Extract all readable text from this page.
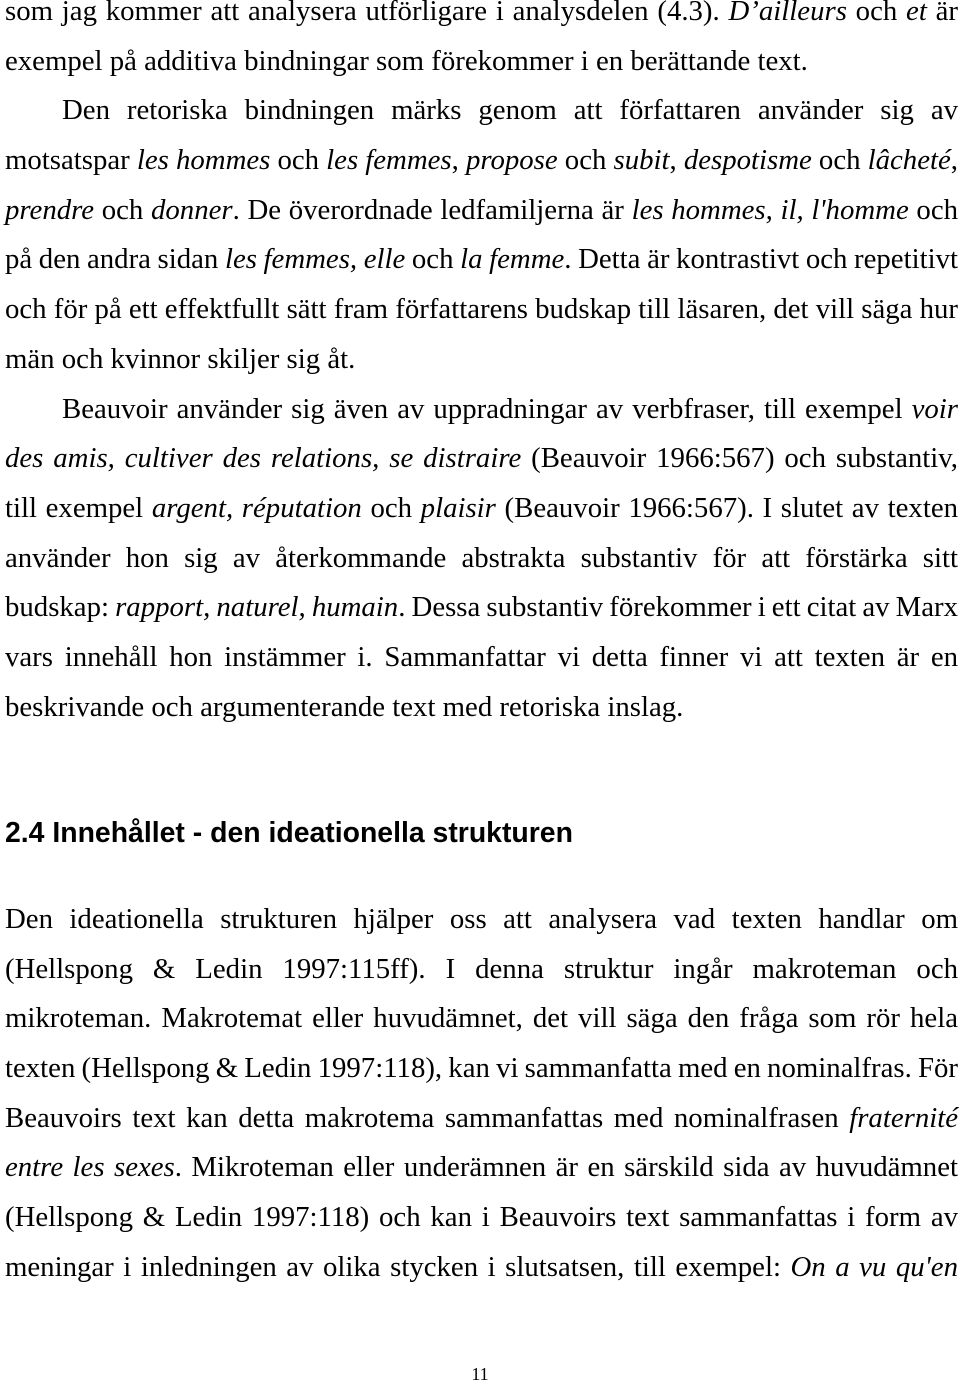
som jag kommer att analysera utförligare i analysdelen (4.3). D’ailleurs och et är
exempel på additiva bindningar som förekommer i en berättande text.
Den retoriska bindningen märks genom att författaren använder sig av
motsatspar les hommes och les femmes, propose och subit, despotisme och lâcheté,
prendre och donner. De överordnade ledfamiljerna är les hommes, il, l'homme och
på den andra sidan les femmes, elle och la femme. Detta är kontrastivt och repetitivt
och för på ett effektfullt sätt fram författarens budskap till läsaren, det vill säga hur
män och kvinnor skiljer sig åt.
Beauvoir använder sig även av uppradningar av verbfraser, till exempel voir
des amis, cultiver des relations, se distraire (Beauvoir 1966:567) och substantiv,
till exempel argent, réputation och plaisir (Beauvoir 1966:567). I slutet av texten
använder hon sig av återkommande abstrakta substantiv för att förstärka sitt
budskap: rapport, naturel, humain. Dessa substantiv förekommer i ett citat av Marx
vars innehåll hon instämmer i. Sammanfattar vi detta finner vi att texten är en
beskrivande och argumenterande text med retoriska inslag.
2.4 Innehållet - den ideationella strukturen
Den ideationella strukturen hjälper oss att analysera vad texten handlar om
(Hellspong & Ledin 1997:115ff). I denna struktur ingår makroteman och
mikroteman. Makrotemat eller huvudämnet, det vill säga den fråga som rör hela
texten (Hellspong & Ledin 1997:118), kan vi sammanfatta med en nominalfras. För
Beauvoirs text kan detta makrotema sammanfattas med nominalfrasen fraternité
entre les sexes. Mikroteman eller underämnen är en särskild sida av huvudämnet
(Hellspong & Ledin 1997:118) och kan i Beauvoirs text sammanfattas i form av
meningar i inledningen av olika stycken i slutsatsen, till exempel: On a vu qu'en
11
